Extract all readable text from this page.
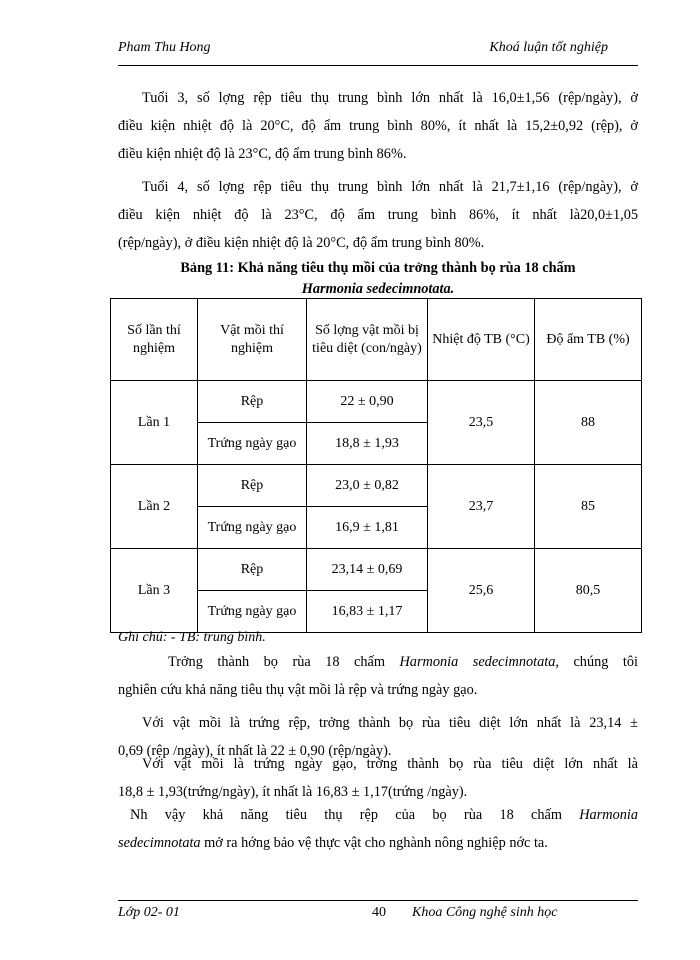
Pham Thu Hong	Khoá luận tốt nghiệp
Tuổi 3, số lợng rệp tiêu thụ trung bình lớn nhất là 16,0±1,56 (rệp/ngày), ở
điều kiện nhiệt độ là 20°C, độ ẩm trung bình 80%, ít nhất là 15,2±0,92 (rệp), ở
điều kiện nhiệt độ là 23°C, độ ẩm trung bình 86%.
Tuổi 4, số lợng rệp tiêu thụ trung bình lớn nhất là 21,7±1,16 (rệp/ngày), ở
điều kiện nhiệt độ là 23°C, độ ẩm trung bình 86%, ít nhất là20,0±1,05
(rệp/ngày), ở điều kiện nhiệt độ là 20°C, độ ẩm trung bình 80%.
Bảng 11: Khả năng tiêu thụ mồi của trởng thành bọ rùa 18 chấm
Harmonia sedecimnotata.
Số lần thí nghiệm	Vật mồi thí nghiệm	Số lợng vật mồi bị tiêu diệt (con/ngày)	Nhiệt độ TB (°C)	Độ ẩm TB (%)
Lần 1	Rệp	22 ± 0,90	23,5	88
	Trứng ngày gạo	18,8 ± 1,93		
Lần 2	Rệp	23,0 ± 0,82	23,7	85
	Trứng ngày gạo	16,9 ± 1,81		
Lần 3	Rệp	23,14 ± 0,69	25,6	80,5
	Trứng ngày gạo	16,83 ± 1,17		
Ghi chú: - TB: trung bình.
Trởng thành bọ rùa 18 chấm Harmonia sedecimnotata, chúng tôi
nghiên cứu khả năng tiêu thụ vật mồi là rệp và trứng ngày gạo.
Với vật mồi là trứng rệp, trởng thành bọ rùa tiêu diệt lớn nhất là 23,14 ±
0,69 (rệp /ngày), ít nhất là 22 ± 0,90 (rệp/ngày).
Với vật mồi là trứng ngày gạo, trởng thành bọ rùa tiêu diệt lớn nhất là
18,8 ± 1,93(trứng/ngày), ít nhất là 16,83 ± 1,17(trứng /ngày).
Nh vậy khả năng tiêu thụ rệp của bọ rùa 18 chấm Harmonia
sedecimnotata mở ra hớng bảo vệ thực vật cho nghành nông nghiệp nớc ta.
Lớp 02- 01	40 Khoa Công nghệ sinh học
